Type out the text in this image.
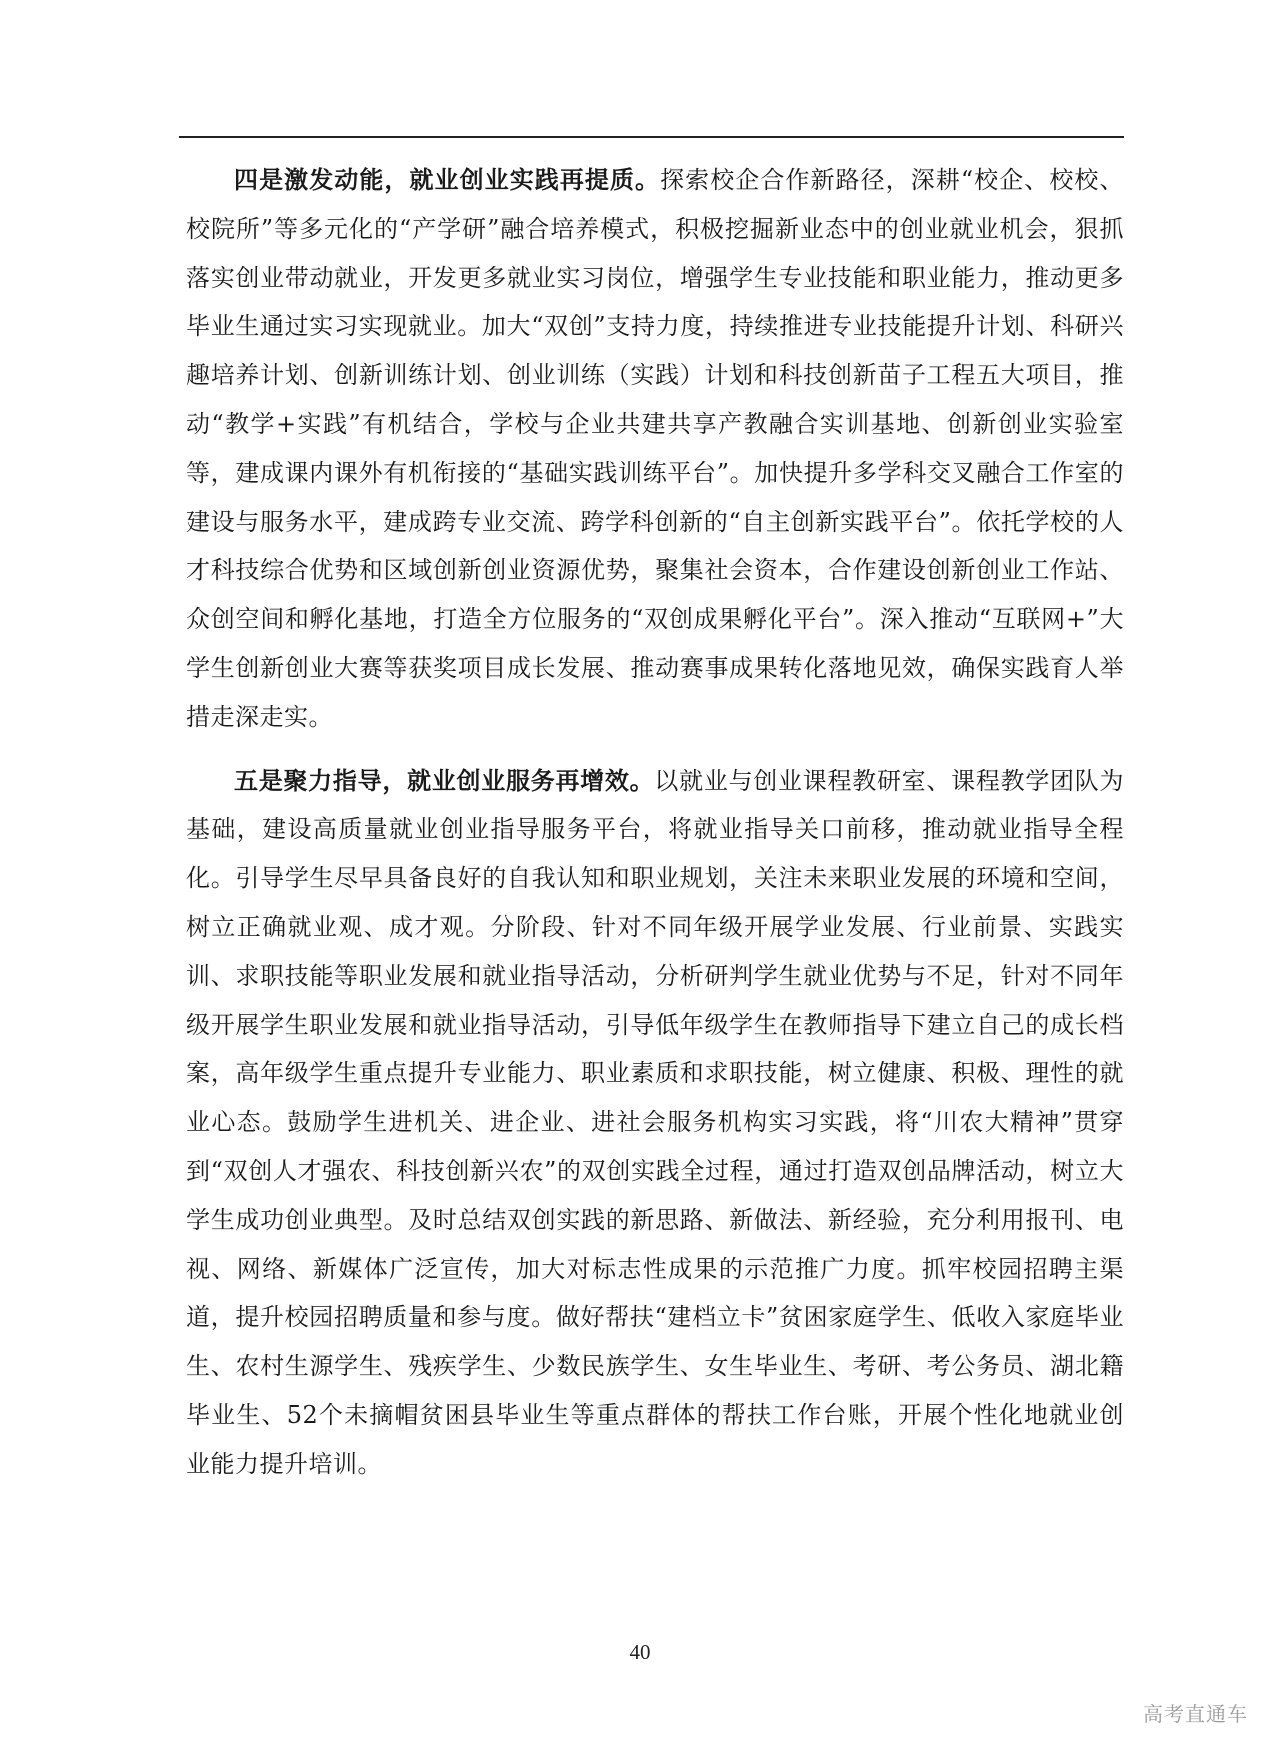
四是激发动能，就业创业实践再提质。探索校企合作新路径，深耕“校企、校校、校院所”等多元化的“产学研”融合培养模式，积极挖掘新业态中的创业就业机会，狠抓落实创业带动就业，开发更多就业实习岗位，增强学生专业技能和职业能力，推动更多毕业生通过实习实现就业。加大“双创”支持力度，持续推进专业技能提升计划、科研兴趣培养计划、创新训练计划、创业训练（实践）计划和科技创新苗子工程五大项目，推动“教学+实践”有机结合，学校与企业共建共享产教融合实训基地、创新创业实验室等，建成课内课外有机衔接的“基础实践训练平台”。加快提升多学科交叉融合工作室的建设与服务水平，建成跨专业交流、跨学科创新的“自主创新实践平台”。依托学校的人才科技综合优势和区域创新创业资源优势，聚集社会资本，合作建设创新创业工作站、众创空间和孵化基地，打造全方位服务的“双创成果孵化平台”。深入推动“互联网+”大学生创新创业大赛等获奖项目成长发展、推动赛事成果转化落地见效，确保实践育人举措走深走实。

五是聚力指导，就业创业服务再增效。以就业与创业课程教研室、课程教学团队为基础，建设高质量就业创业指导服务平台，将就业指导关口前移，推动就业指导全程化。引导学生尽早具备良好的自我认知和职业规划，关注未来职业发展的环境和空间，树立正确就业观、成才观。分阶段、针对不同年级开展学业发展、行业前景、实践实训、求职技能等职业发展和就业指导活动，分析研判学生就业优势与不足，针对不同年级开展学生职业发展和就业指导活动，引导低年级学生在教师指导下建立自己的成长档案，高年级学生重点提升专业能力、职业素质和求职技能，树立健康、积极、理性的就业心态。鼓励学生进机关、进企业、进社会服务机构实习实践，将“川农大精神”贯穿到“双创人才强农、科技创新兴农”的双创实践全过程，通过打造双创品牌活动，树立大学生成功创业典型。及时总结双创实践的新思路、新做法、新经验，充分利用报刊、电视、网络、新媒体广泛宣传，加大对标志性成果的示范推广力度。抓牢校园招聘主渠道，提升校园招聘质量和参与度。做好帮扶“建档立卡”贫困家庭学生、低收入家庭毕业生、农村生源学生、残疾学生、少数民族学生、女生毕业生、考研、考公务员、湖北籍毕业生、52个未摘帽贫困县毕业生等重点群体的帮扶工作台账，开展个性化地就业创业能力提升培训。

40
高考直通车
